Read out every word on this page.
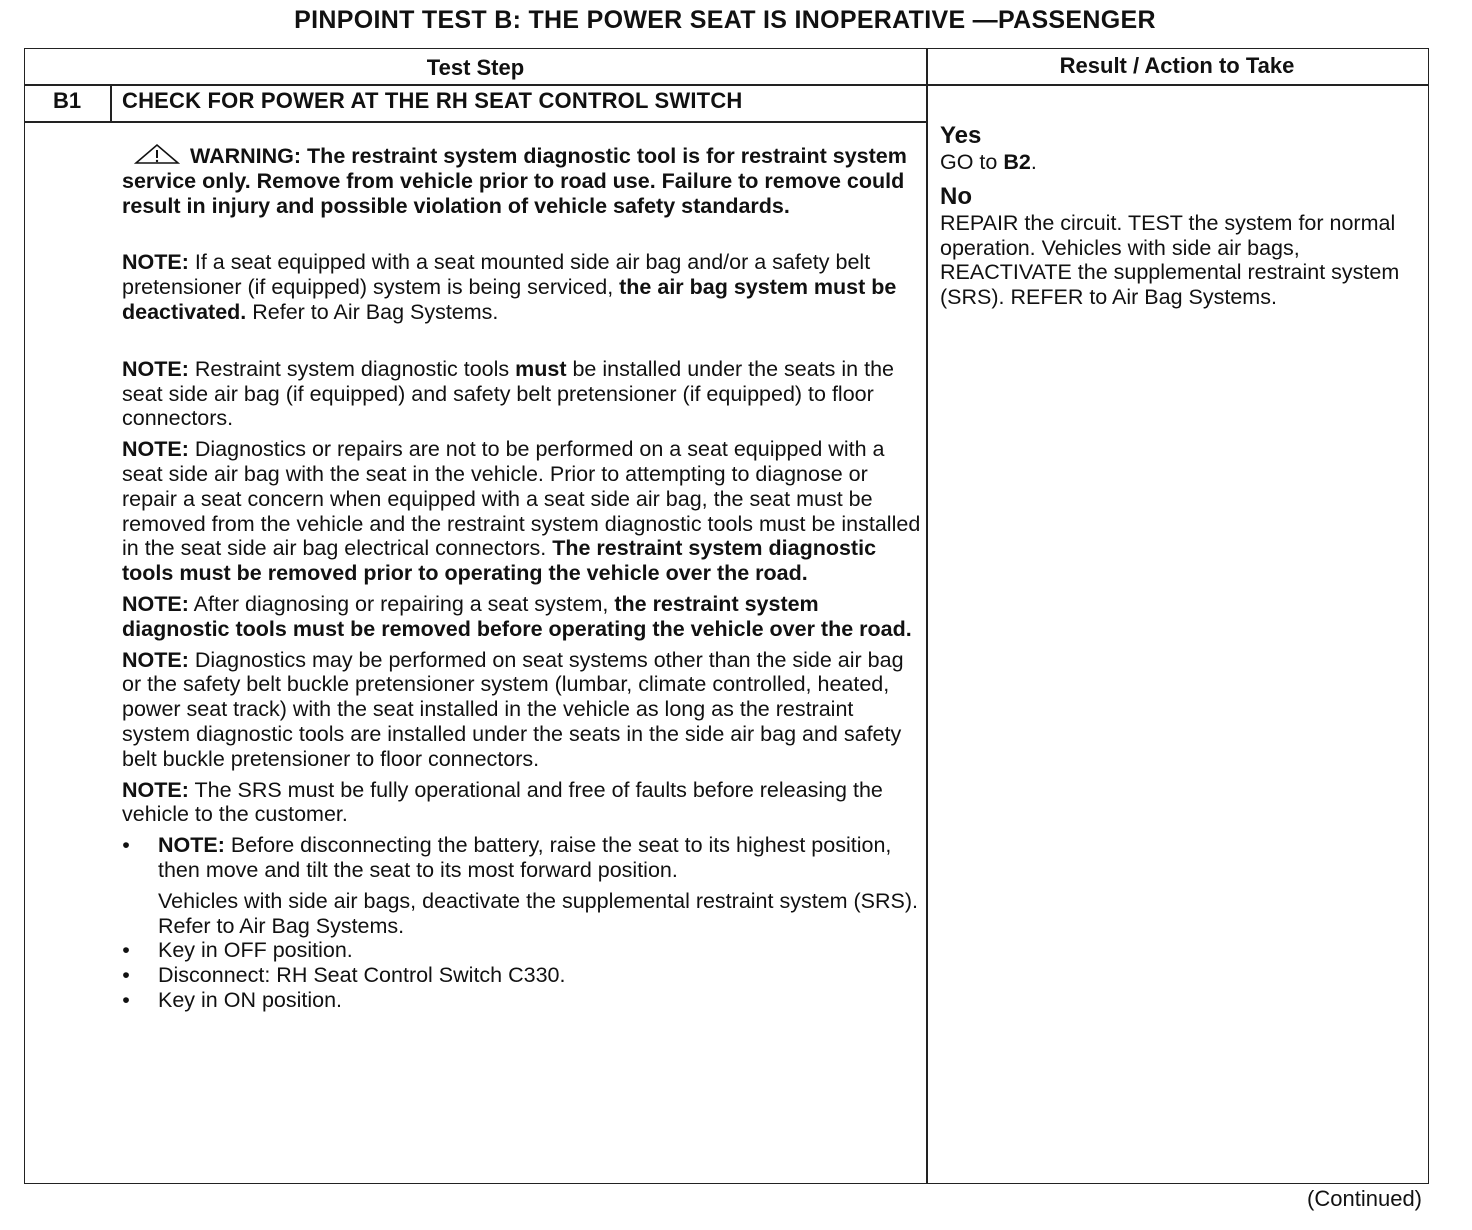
PINPOINT TEST B: THE POWER SEAT IS INOPERATIVE —PASSENGER
Test Step	Result / Action to Take
B1	CHECK FOR POWER AT THE RH SEAT CONTROL SWITCH

WARNING: The restraint system diagnostic tool is for restraint system service only. Remove from vehicle prior to road use. Failure to remove could result in injury and possible violation of vehicle safety standards.

NOTE: If a seat equipped with a seat mounted side air bag and/or a safety belt pretensioner (if equipped) system is being serviced, the air bag system must be deactivated. Refer to Air Bag Systems.

NOTE: Restraint system diagnostic tools must be installed under the seats in the seat side air bag (if equipped) and safety belt pretensioner (if equipped) to floor connectors.

NOTE: Diagnostics or repairs are not to be performed on a seat equipped with a seat side air bag with the seat in the vehicle. Prior to attempting to diagnose or repair a seat concern when equipped with a seat side air bag, the seat must be removed from the vehicle and the restraint system diagnostic tools must be installed in the seat side air bag electrical connectors. The restraint system diagnostic tools must be removed prior to operating the vehicle over the road.

NOTE: After diagnosing or repairing a seat system, the restraint system diagnostic tools must be removed before operating the vehicle over the road.

NOTE: Diagnostics may be performed on seat systems other than the side air bag or the safety belt buckle pretensioner system (lumbar, climate controlled, heated, power seat track) with the seat installed in the vehicle as long as the restraint system diagnostic tools are installed under the seats in the side air bag and safety belt buckle pretensioner to floor connectors.

NOTE: The SRS must be fully operational and free of faults before releasing the vehicle to the customer.

• NOTE: Before disconnecting the battery, raise the seat to its highest position, then move and tilt the seat to its most forward position.

Vehicles with side air bags, deactivate the supplemental restraint system (SRS). Refer to Air Bag Systems.

• Key in OFF position.
• Disconnect: RH Seat Control Switch C330.
• Key in ON position.

Yes

GO to B2.

No

REPAIR the circuit. TEST the system for normal operation. Vehicles with side air bags, REACTIVATE the supplemental restraint system (SRS). REFER to Air Bag Systems.

(Continued)
